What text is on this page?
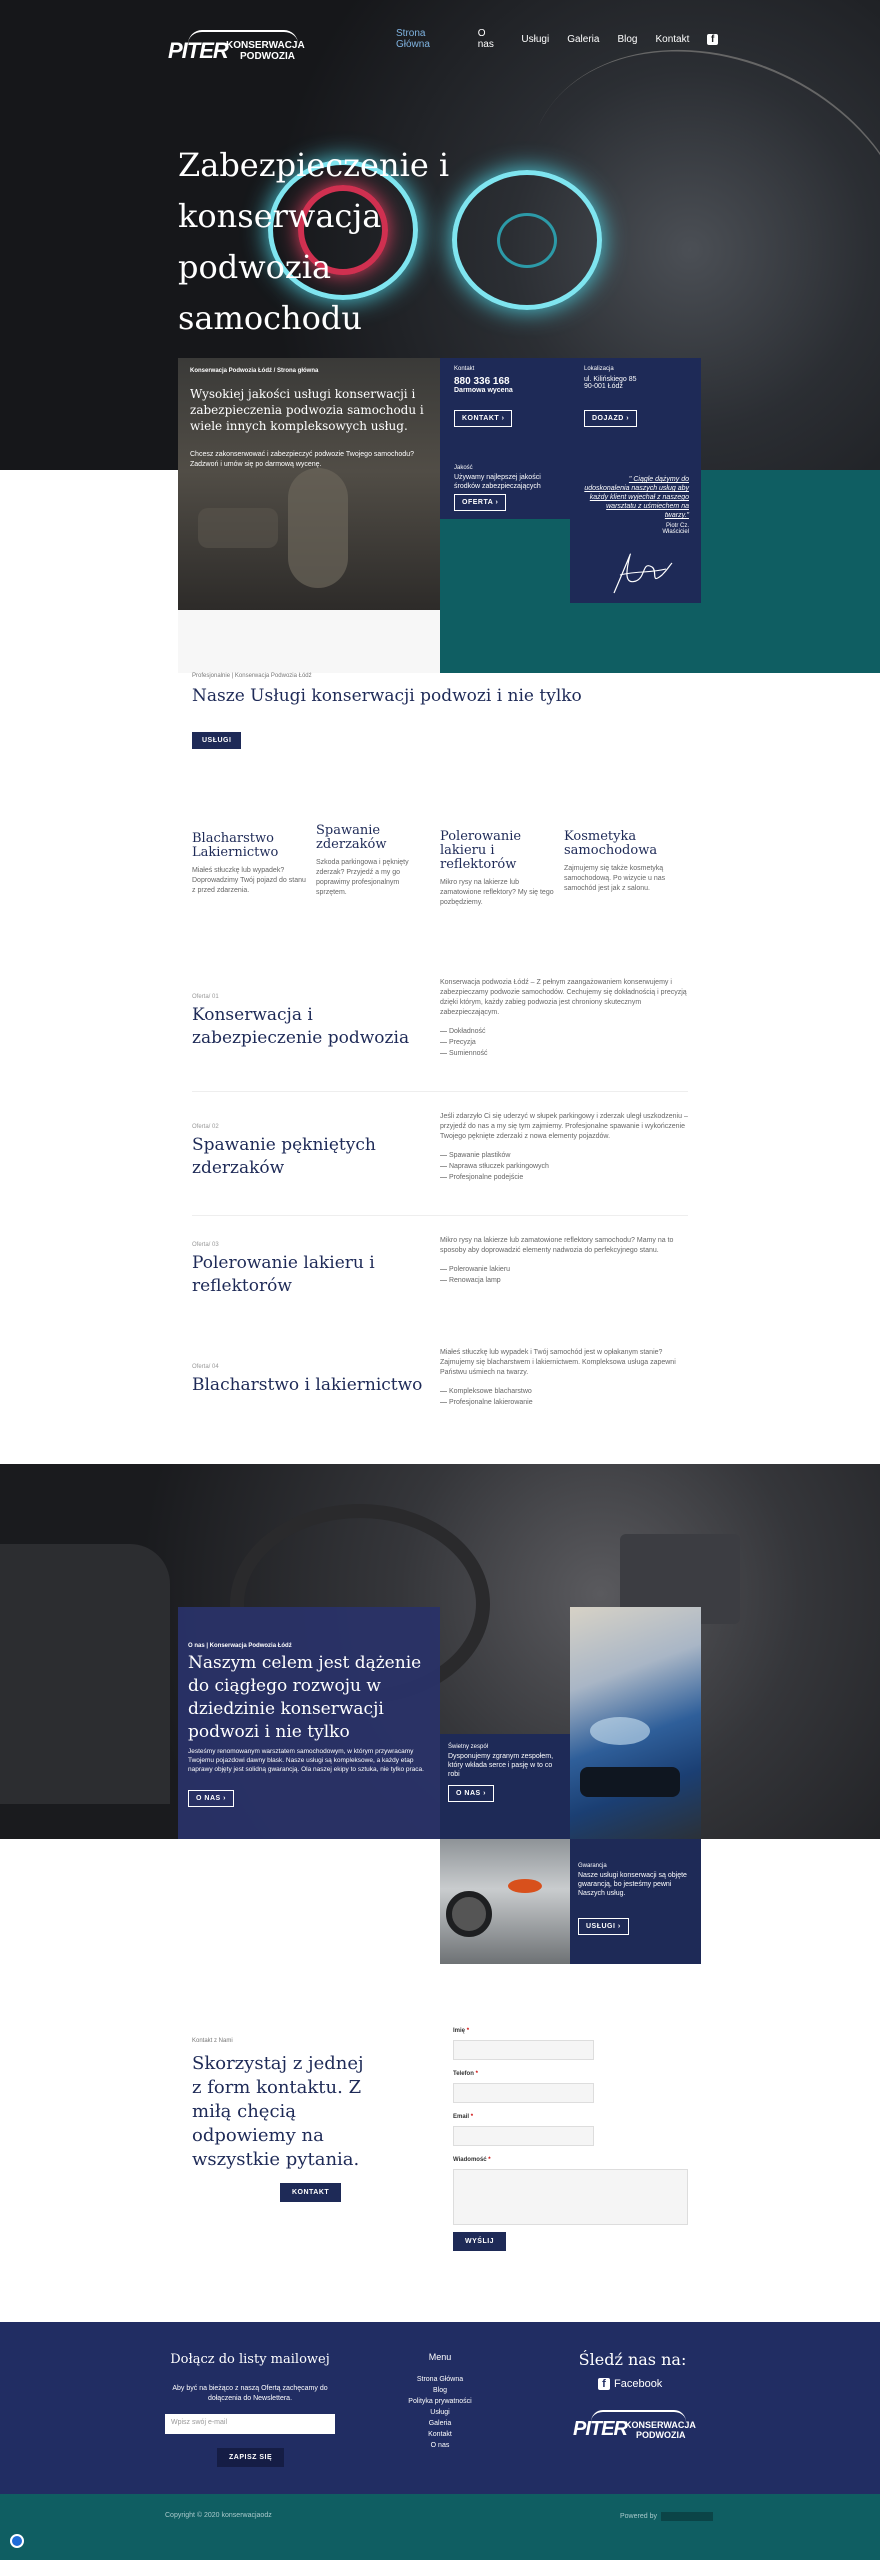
PITER
KONSERWACJA
PODWOZIA
Strona Główna
O nas	Usługi Galeria Blog Kontakt	f
Zabezpieczenie i
konserwacja podwozia
samochodu
Konserwacja Podwozia Łódź / Strona główna
Wysokiej jakości usługi konserwacji i zabezpieczenia podwozia samochodu i wiele innych kompleksowych usług.
Chcesz zakonserwować i zabezpieczyć podwozie Twojego samochodu? Zadzwoń i umów się po darmową wycenę.
Kontakt
880 336 168
Darmowa wycena
KONTAKT ›
Lokalizacja
ul. Kilińskiego 85
90-001 Łódź
DOJAZD ›
Jakość
Używamy najlepszej jakości środków zabezpieczających
OFERTA ›
" Ciągle dążymy do udoskonalenia naszych usług aby każdy klient wyjechał z naszego warsztatu z uśmiechem na twarzy."
Piotr Cz.
Właściciel
Profesjonalnie | Konserwacja Podwozia Łódź
Nasze Usługi konserwacji podwozi i nie tylko
USŁUGI
Blacharstwo Lakiernictwo

Miałeś stłuczkę lub wypadek? Doprowadzimy Twój pojazd do stanu z przed zdarzenia.

Spawanie zderzaków

Szkoda parkingowa i pęknięty zderzak? Przyjedź a my go poprawimy profesjonalnym sprzętem.

Polerowanie lakieru i reflektorów

Mikro rysy na lakierze lub zamatowione reflektory? My się tego pozbędziemy.

Kosmetyka samochodowa

Zajmujemy się także kosmetyką samochodową. Po wizycie u nas samochód jest jak z salonu.

Oferta/ 01
Konserwacja i zabezpieczenie podwozia
Konserwacja podwozia Łódź – Z pełnym zaangażowaniem konserwujemy i zabezpieczamy podwozie samochodów. Cechujemy się dokładnością i precyzją dzięki którym, każdy zabieg podwozia jest chroniony skutecznym zabezpieczającym.
— Dokładność
— Precyzja
— Sumienność
Oferta/ 02
Spawanie pękniętych zderzaków
Jeśli zdarzyło Ci się uderzyć w słupek parkingowy i zderzak uległ uszkodzeniu – przyjedź do nas a my się tym zajmiemy. Profesjonalne spawanie i wykończenie Twojego pęknięte zderzaki z nowa elementy pojazdów.
— Spawanie plastików
— Naprawa stłuczek parkingowych
— Profesjonalne podejście
Oferta/ 03
Polerowanie lakieru i reflektorów
Mikro rysy na lakierze lub zamatowione reflektory samochodu? Mamy na to sposoby aby doprowadzić elementy nadwozia do perfekcyjnego stanu.
— Polerowanie lakieru
— Renowacja lamp
Oferta/ 04
Blacharstwo i lakiernictwo
Miałeś stłuczkę lub wypadek i Twój samochód jest w opłakanym stanie? Zajmujemy się blacharstwem i lakiernictwem. Kompleksowa usługa zapewni Państwu uśmiech na twarzy.
— Kompleksowe blacharstwo
— Profesjonalne lakierowanie
O nas | Konserwacja Podwozia Łódź
Naszym celem jest dążenie do ciągłego rozwoju w dziedzinie konserwacji podwozi i nie tylko
Jesteśmy renomowanym warsztatem samochodowym, w którym przywracamy Twojemu pojazdowi dawny blask. Nasze usługi są kompleksowe, a każdy etap naprawy objęty jest solidną gwarancją. Ola naszej ekipy to sztuka, nie tylko praca.
O NAS ›
Świetny zespół
Dysponujemy zgranym zespołem, który wkłada serce i pasję w to co robi
O NAS ›
Gwarancja
Nasze usługi konserwacji są objęte gwarancją, bo jesteśmy pewni Naszych usług.
USŁUGI ›
Kontakt z Nami
Skorzystaj z jednej z form kontaktu. Z miłą chęcią odpowiemy na wszystkie pytania.
KONTAKT
Imię *
Telefon *
Email *
Wiadomość *
WYŚLIJ
Dołącz do listy mailowej
Aby być na bieżąco z naszą Ofertą zachęcamy do dołączenia do Newslettera.
Wpisz swój e-mail
ZAPISZ SIĘ
Menu
Strona Główna
Blog
Polityka prywatności
Usługi
Galeria
Kontakt
O nas
Śledź nas na:
f Facebook
PITER
KONSERWACJA
PODWOZIA
Copyright © 2020 konserwacjaodz	Powered by
